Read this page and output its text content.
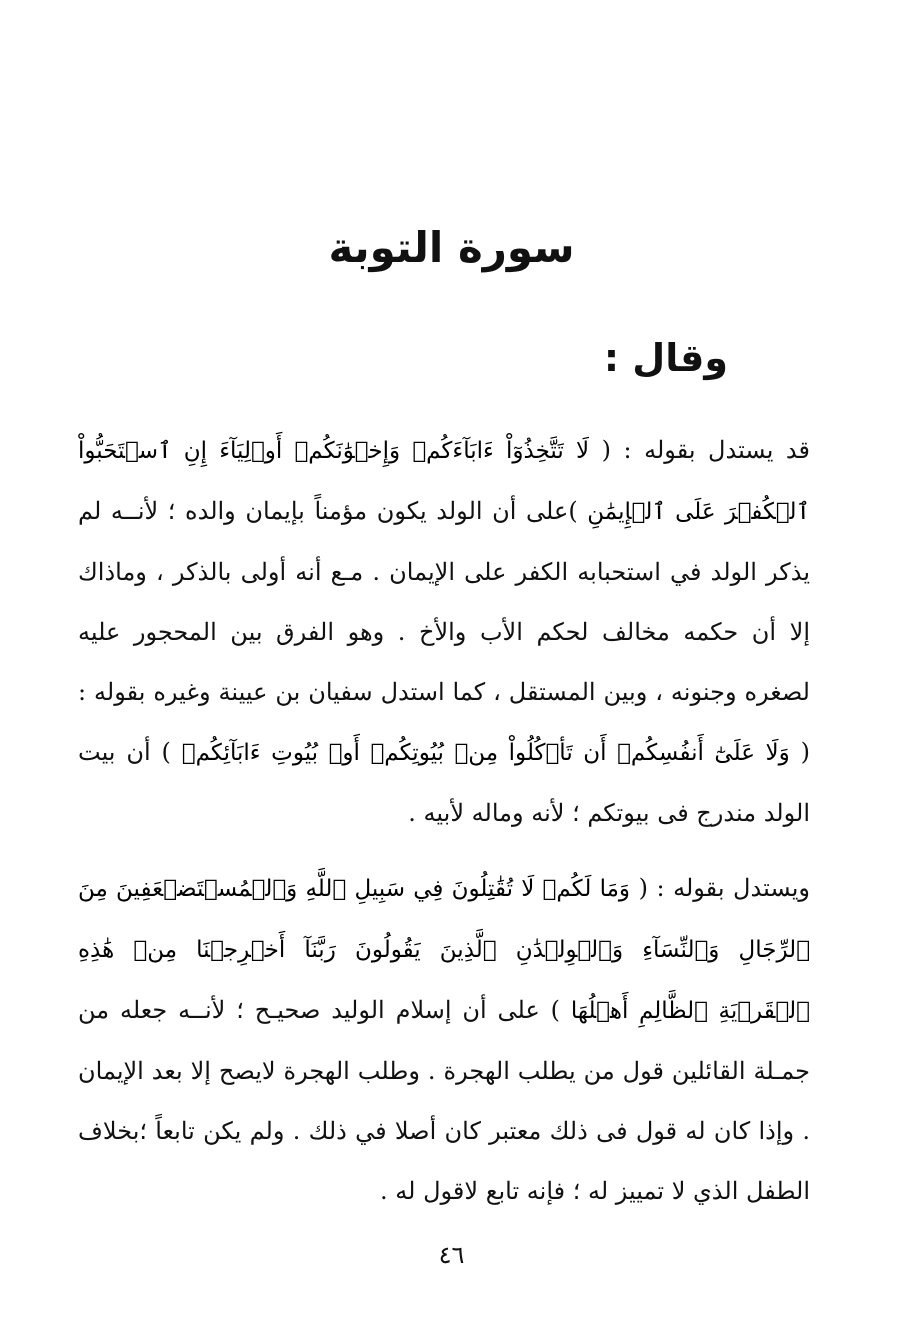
سورة التوبة
وقال :

قد يستدل بقوله : ( لَا تَتَّخِذُوٓاْ ءَابَآءَكُمۡ وَإِخۡوَٰنَكُمۡ أَوۡلِيَآءَ إِنِ ٱسۡتَحَبُّواْ ٱلۡكُفۡرَ عَلَى ٱلۡإِيمَٰنِ )على أن الولد يكون مؤمناً بإيمان والده ؛ لأنــه لم يذكر الولد في استحبابه الكفر على الإيمان . مـع أنه أولى بالذكر ، وماذاك إلا أن حكمه مخالف لحكم الأب والأخ . وهو الفرق بين المحجور عليه لصغره وجنونه ، وبين المستقل ، كما استدل سفيان بن عيينة وغيره بقوله : ( وَلَا عَلَىٰٓ أَنفُسِكُمۡ أَن تَأۡكُلُواْ مِنۢ بُيُوتِكُمۡ أَوۡ بُيُوتِ ءَابَآئِكُمۡ ) أن بيت الولد مندرج فى بيوتكم ؛ لأنه وماله لأبيه .

ويستدل بقوله : ( وَمَا لَكُمۡ لَا تُقَٰتِلُونَ فِي سَبِيلِ ٱللَّهِ وَٱلۡمُسۡتَضۡعَفِينَ مِنَ ٱلرِّجَالِ وَٱلنِّسَآءِ وَٱلۡوِلۡدَٰنِ ٱلَّذِينَ يَقُولُونَ رَبَّنَآ أَخۡرِجۡنَا مِنۡ هَٰذِهِ ٱلۡقَرۡيَةِ ٱلظَّالِمِ أَهۡلُهَا ) على أن إسلام الوليد صحيـح ؛ لأنــه جعله من جمـلة القائلين قول من يطلب الهجرة . وطلب الهجرة لايصح إلا بعد الإيمان . وإذا كان له قول فى ذلك معتبر كان أصلا في ذلك . ولم يكن تابعاً ؛بخلاف الطفل الذي لا تمييز له ؛ فإنه تابع لاقول له .

٤٦
